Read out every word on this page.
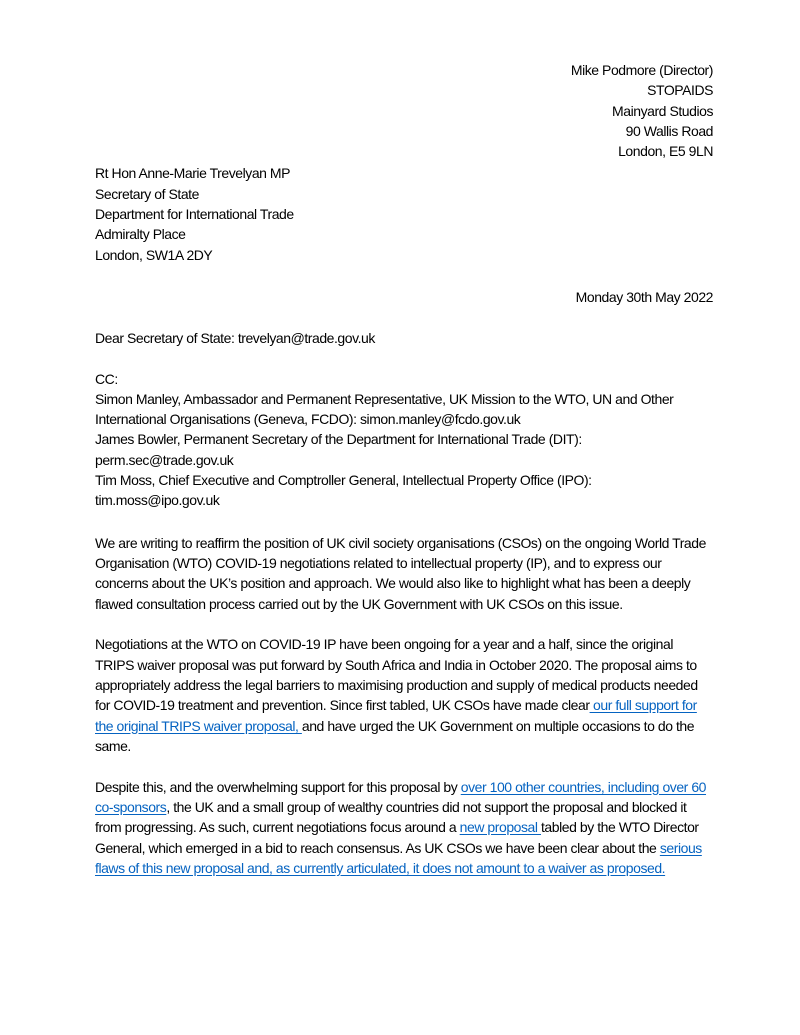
Mike Podmore (Director)
STOPAIDS
Mainyard Studios
90 Wallis Road
London, E5 9LN
Rt Hon Anne-Marie Trevelyan MP
Secretary of State
Department for International Trade
Admiralty Place
London, SW1A 2DY
Monday 30th May 2022
Dear Secretary of State: trevelyan@trade.gov.uk
CC:
Simon Manley, Ambassador and Permanent Representative, UK Mission to the WTO, UN and Other International Organisations (Geneva, FCDO): simon.manley@fcdo.gov.uk
James Bowler, Permanent Secretary of the Department for International Trade (DIT): perm.sec@trade.gov.uk
Tim Moss, Chief Executive and Comptroller General, Intellectual Property Office (IPO): tim.moss@ipo.gov.uk

We are writing to reaffirm the position of UK civil society organisations (CSOs) on the ongoing World Trade Organisation (WTO) COVID-19 negotiations related to intellectual property (IP), and to express our concerns about the UK’s position and approach. We would also like to highlight what has been a deeply flawed consultation process carried out by the UK Government with UK CSOs on this issue.

Negotiations at the WTO on COVID-19 IP have been ongoing for a year and a half, since the original TRIPS waiver proposal was put forward by South Africa and India in October 2020. The proposal aims to appropriately address the legal barriers to maximising production and supply of medical products needed for COVID-19 treatment and prevention. Since first tabled, UK CSOs have made clear our full support for the original TRIPS waiver proposal, and have urged the UK Government on multiple occasions to do the same.

Despite this, and the overwhelming support for this proposal by over 100 other countries, including over 60 co-sponsors, the UK and a small group of wealthy countries did not support the proposal and blocked it from progressing. As such, current negotiations focus around a new proposal tabled by the WTO Director General, which emerged in a bid to reach consensus. As UK CSOs we have been clear about the serious flaws of this new proposal and, as currently articulated, it does not amount to a waiver as proposed.
